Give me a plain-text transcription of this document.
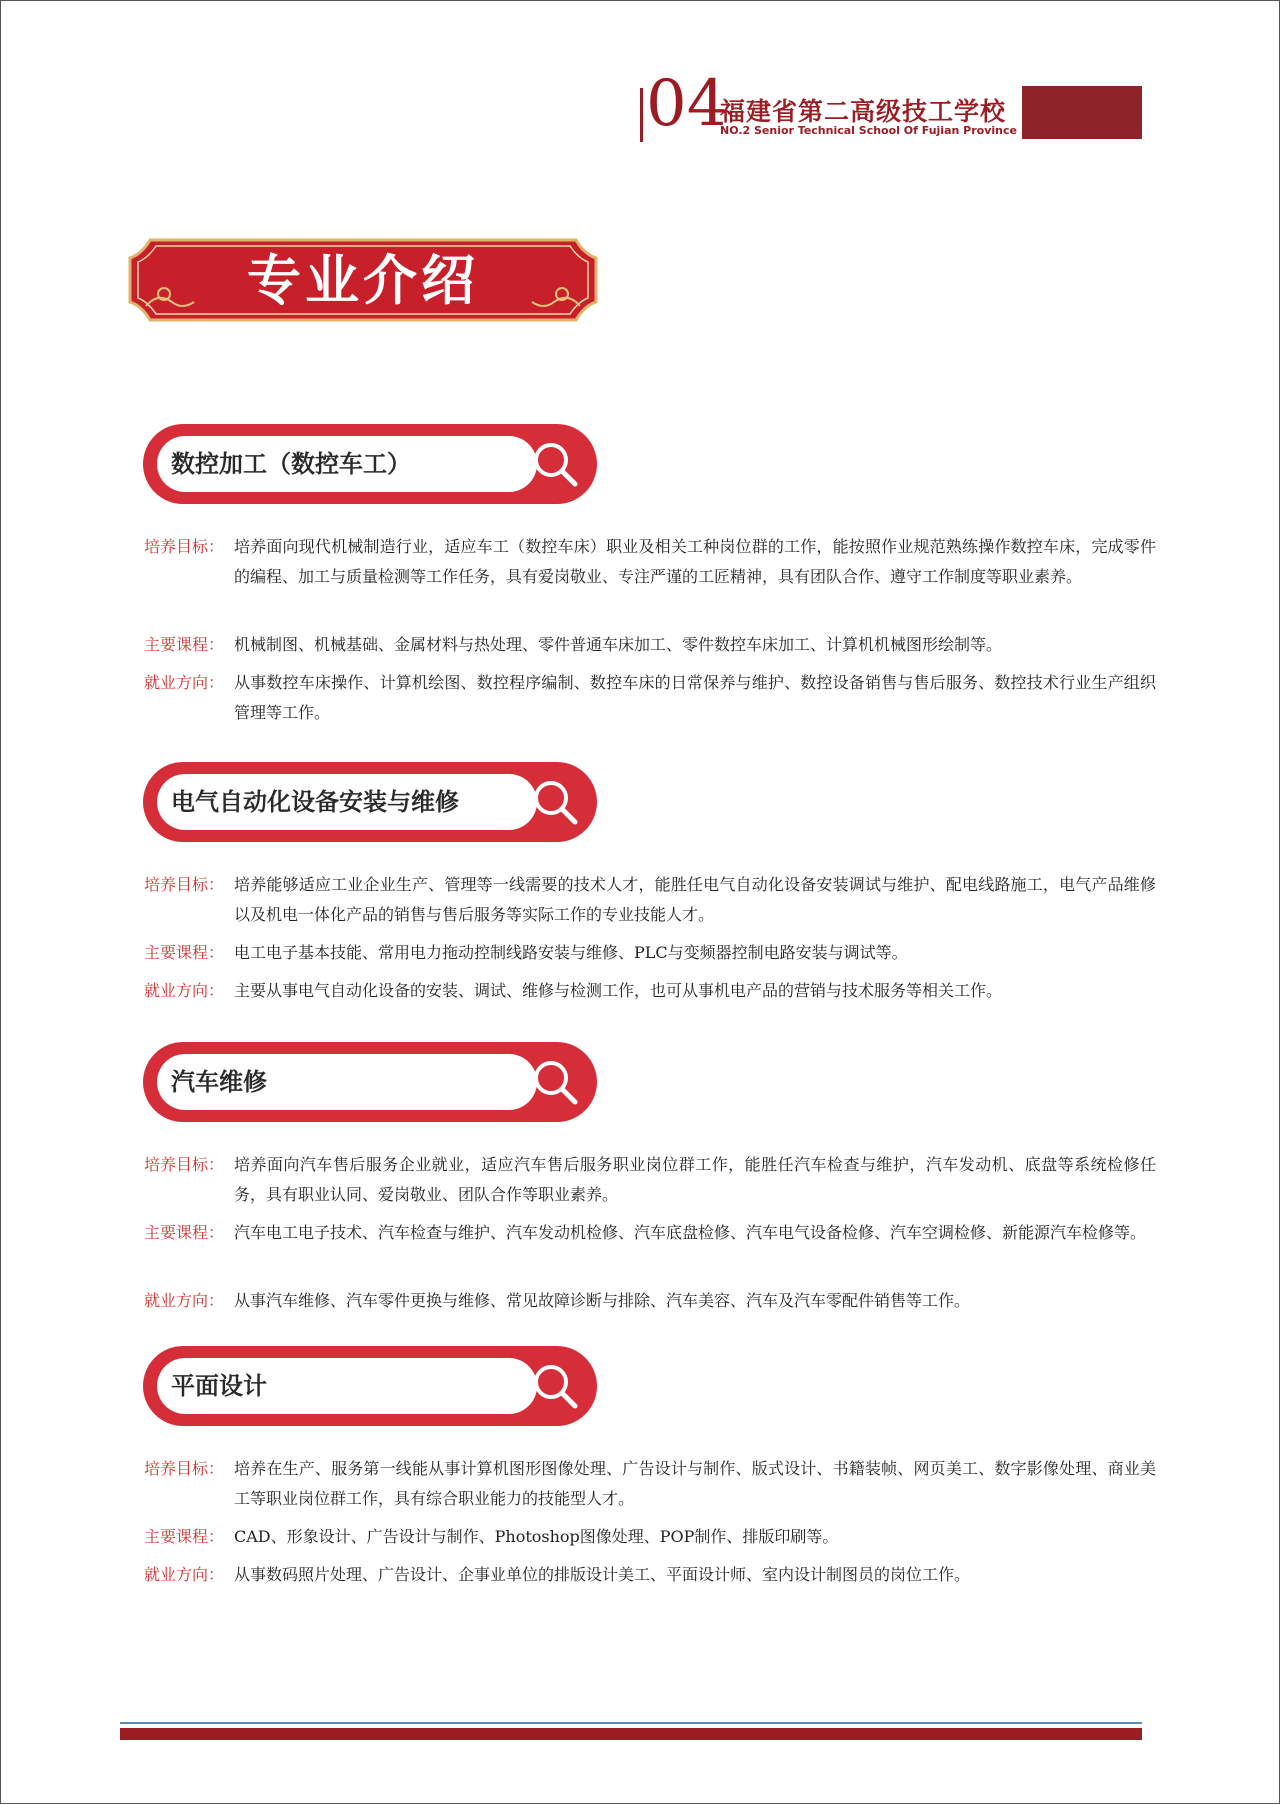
04
福建省第二高级技工学校
NO.2 Senior Technical School Of Fujian Province
专业介绍
数控加工（数控车工）
培养目标： 培养面向现代机械制造行业，适应车工（数控车床）职业及相关工种岗位群的工作，能按照作业规范熟练操作数控车床，完成零件的编程、加工与质量检测等工作任务，具有爱岗敬业、专注严谨的工匠精神，具有团队合作、遵守工作制度等职业素养。
主要课程： 机械制图、机械基础、金属材料与热处理、零件普通车床加工、零件数控车床加工、计算机机械图形绘制等。
就业方向： 从事数控车床操作、计算机绘图、数控程序编制、数控车床的日常保养与维护、数控设备销售与售后服务、数控技术行业生产组织管理等工作。
电气自动化设备安装与维修
培养目标： 培养能够适应工业企业生产、管理等一线需要的技术人才，能胜任电气自动化设备安装调试与维护、配电线路施工，电气产品维修以及机电一体化产品的销售与售后服务等实际工作的专业技能人才。
主要课程： 电工电子基本技能、常用电力拖动控制线路安装与维修、PLC与变频器控制电路安装与调试等。
就业方向： 主要从事电气自动化设备的安装、调试、维修与检测工作，也可从事机电产品的营销与技术服务等相关工作。
汽车维修
培养目标： 培养面向汽车售后服务企业就业，适应汽车售后服务职业岗位群工作，能胜任汽车检查与维护，汽车发动机、底盘等系统检修任务，具有职业认同、爱岗敬业、团队合作等职业素养。
主要课程： 汽车电工电子技术、汽车检查与维护、汽车发动机检修、汽车底盘检修、汽车电气设备检修、汽车空调检修、新能源汽车检修等。
就业方向： 从事汽车维修、汽车零件更换与维修、常见故障诊断与排除、汽车美容、汽车及汽车零配件销售等工作。
平面设计
培养目标： 培养在生产、服务第一线能从事计算机图形图像处理、广告设计与制作、版式设计、书籍装帧、网页美工、数字影像处理、商业美工等职业岗位群工作，具有综合职业能力的技能型人才。
主要课程： CAD、形象设计、广告设计与制作、Photoshop图像处理、POP制作、排版印刷等。
就业方向： 从事数码照片处理、广告设计、企事业单位的排版设计美工、平面设计师、室内设计制图员的岗位工作。
